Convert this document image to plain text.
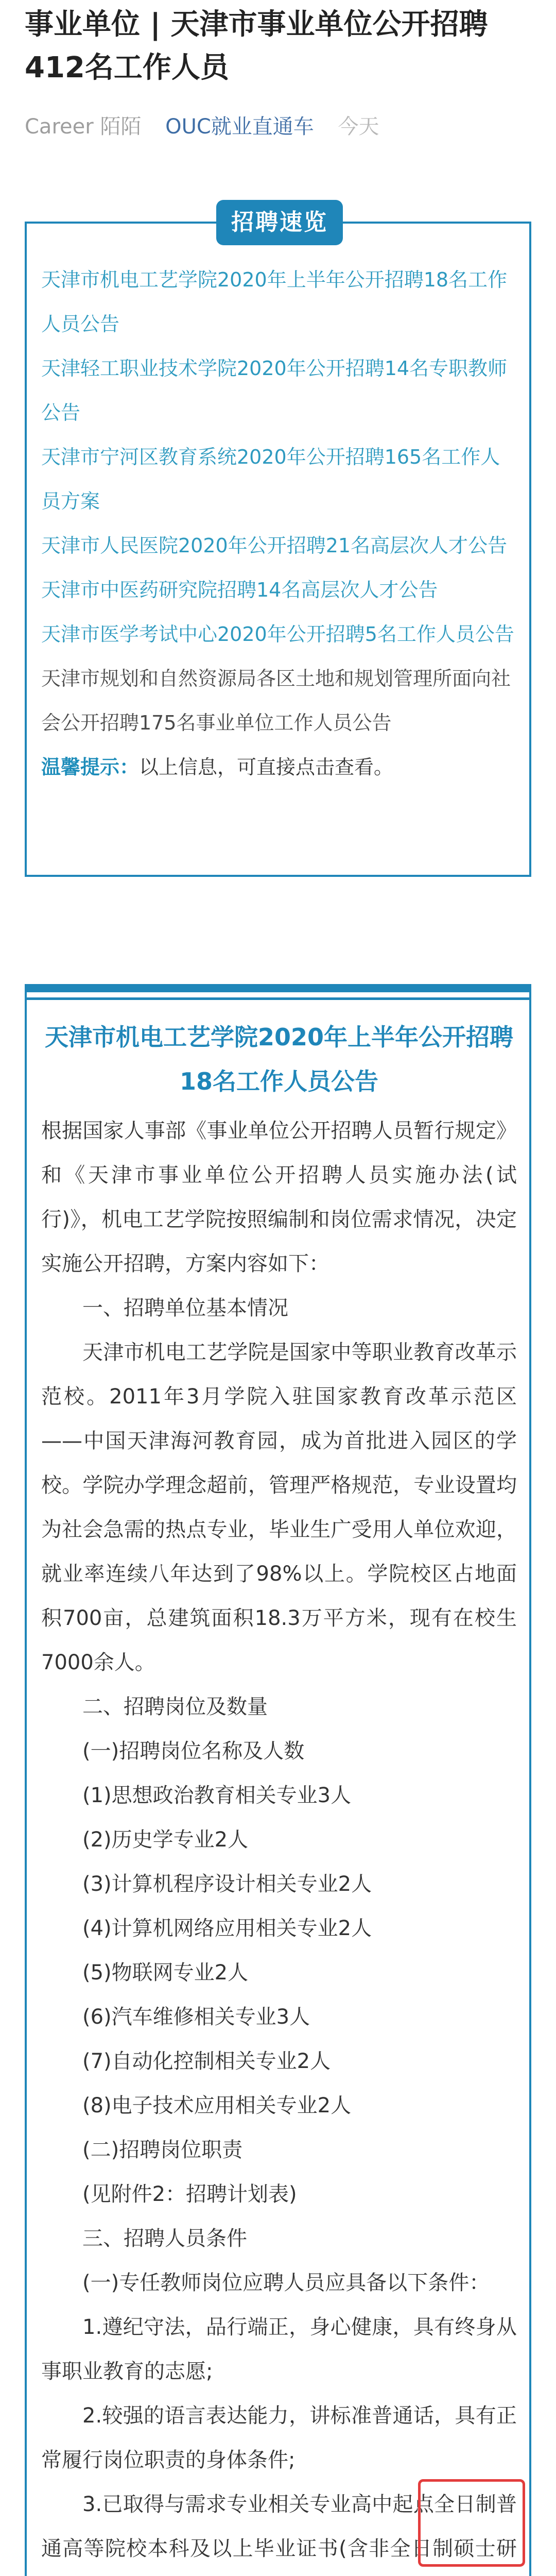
事业单位 | 天津市事业单位公开招聘412名工作人员
Career 陌陌 OUC就业直通车 今天
招聘速览
天津市机电工艺学院2020年上半年公开招聘18名工作人员公告
天津轻工职业技术学院2020年公开招聘14名专职教师公告
天津市宁河区教育系统2020年公开招聘165名工作人员方案
天津市人民医院2020年公开招聘21名高层次人才公告
天津市中医药研究院招聘14名高层次人才公告
天津市医学考试中心2020年公开招聘5名工作人员公告
天津市规划和自然资源局各区土地和规划管理所面向社会公开招聘175名事业单位工作人员公告
温馨提示：以上信息，可直接点击查看。
天津市机电工艺学院2020年上半年公开招聘18名工作人员公告

根据国家人事部《事业单位公开招聘人员暂行规定》和《天津市事业单位公开招聘人员实施办法(试行)》，机电工艺学院按照编制和岗位需求情况，决定实施公开招聘，方案内容如下：

一、招聘单位基本情况

天津市机电工艺学院是国家中等职业教育改革示范校。2011年3月学院入驻国家教育改革示范区——中国天津海河教育园，成为首批进入园区的学校。学院办学理念超前，管理严格规范，专业设置均为社会急需的热点专业，毕业生广受用人单位欢迎，就业率连续八年达到了98%以上。学院校区占地面积700亩，总建筑面积18.3万平方米，现有在校生7000余人。

二、招聘岗位及数量

(一)招聘岗位名称及人数

(1)思想政治教育相关专业3人

(2)历史学专业2人

(3)计算机程序设计相关专业2人

(4)计算机网络应用相关专业2人

(5)物联网专业2人

(6)汽车维修相关专业3人

(7)自动化控制相关专业2人

(8)电子技术应用相关专业2人

(二)招聘岗位职责

(见附件2：招聘计划表)

三、招聘人员条件

(一)专任教师岗位应聘人员应具备以下条件：

1.遵纪守法，品行端正，身心健康，具有终身从事职业教育的志愿;

2.较强的语言表达能力，讲标准普通话，具有正常履行岗位职责的身体条件;

3.已取得与需求专业相关专业高中起点全日制普通高等院校本科及以上毕业证书(含非全日制硕士研
